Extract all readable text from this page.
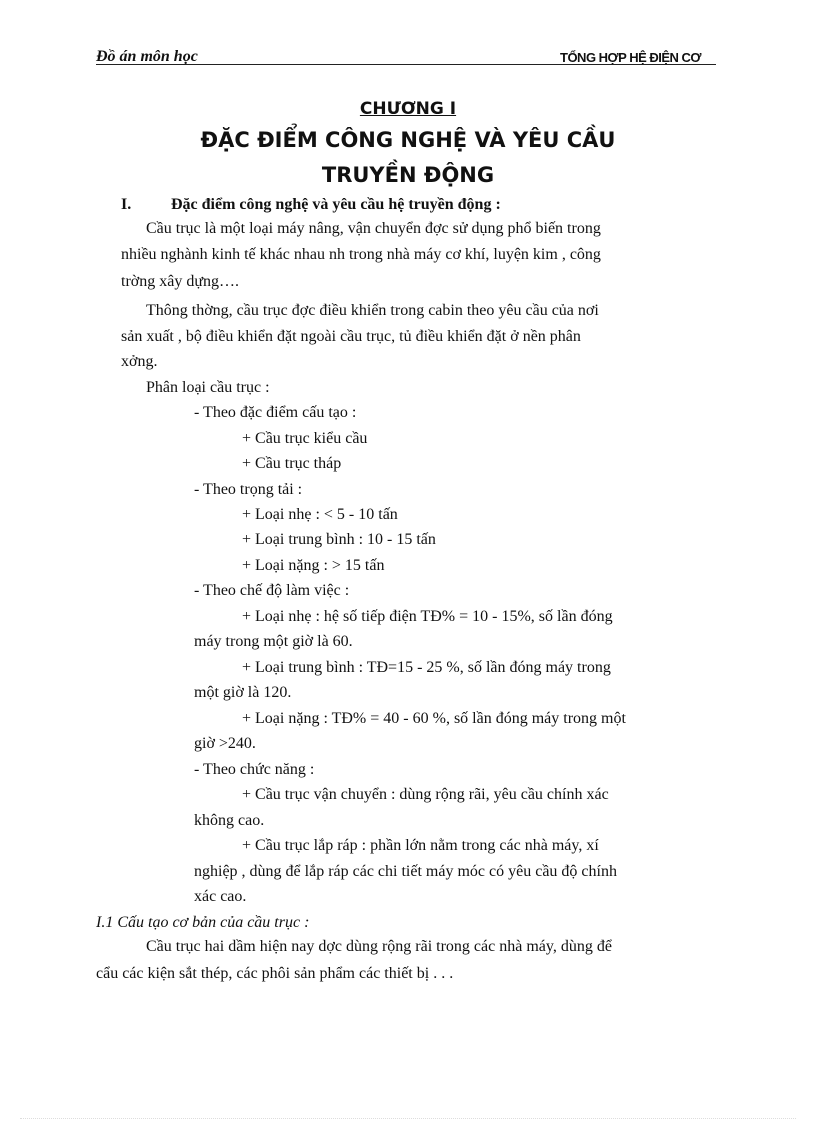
Đồ án môn học	TỔNG HỢP HỆ ĐIỆN CƠ
CHƯƠNG I
ĐẶC ĐIỂM CÔNG NGHỆ VÀ YÊU CẦU
TRUYỀN ĐỘNG
I. Đặc điểm công nghệ và yêu cầu hệ truyền động :
Cầu trục là một loại máy nâng, vận chuyển đợc sử dụng phổ biến trong
nhiều nghành kinh tế khác nhau nh trong nhà máy cơ khí, luyện kim , công
trờng xây dựng….
Thông thờng, cầu trục đợc điều khiển trong cabin theo yêu cầu của nơi
sản xuất , bộ điều khiển đặt ngoài cầu trục, tủ điều khiển đặt ở nền phân
xởng.
Phân loại cầu trục :
- Theo đặc điểm cấu tạo :
+ Cầu trục kiểu cầu
+ Cầu trục tháp
- Theo trọng tải :
+ Loại nhẹ : < 5 - 10 tấn
+ Loại trung bình : 10 - 15 tấn
+ Loại nặng : > 15 tấn
- Theo chế độ làm việc :
+ Loại nhẹ : hệ số tiếp điện TĐ% = 10 - 15%, số lần đóng
máy trong một giờ là 60.
+ Loại trung bình : TĐ=15 - 25 %, số lần đóng máy trong
một giờ là 120.
+ Loại nặng : TĐ% = 40 - 60 %, số lần đóng máy trong một
giờ >240.
- Theo chức năng :
+ Cầu trục vận chuyển : dùng rộng rãi, yêu cầu chính xác
không cao.
+ Cầu trục lắp ráp : phần lớn nằm trong các nhà máy, xí
nghiệp , dùng để lắp ráp các chi tiết máy móc có yêu cầu độ chính
xác cao.
I.1 Cấu tạo cơ bản của cầu trục :
Cầu trục hai dầm hiện nay dợc dùng rộng rãi trong các nhà máy, dùng để
cẩu các kiện sắt thép, các phôi sản phẩm các thiết bị . . .
